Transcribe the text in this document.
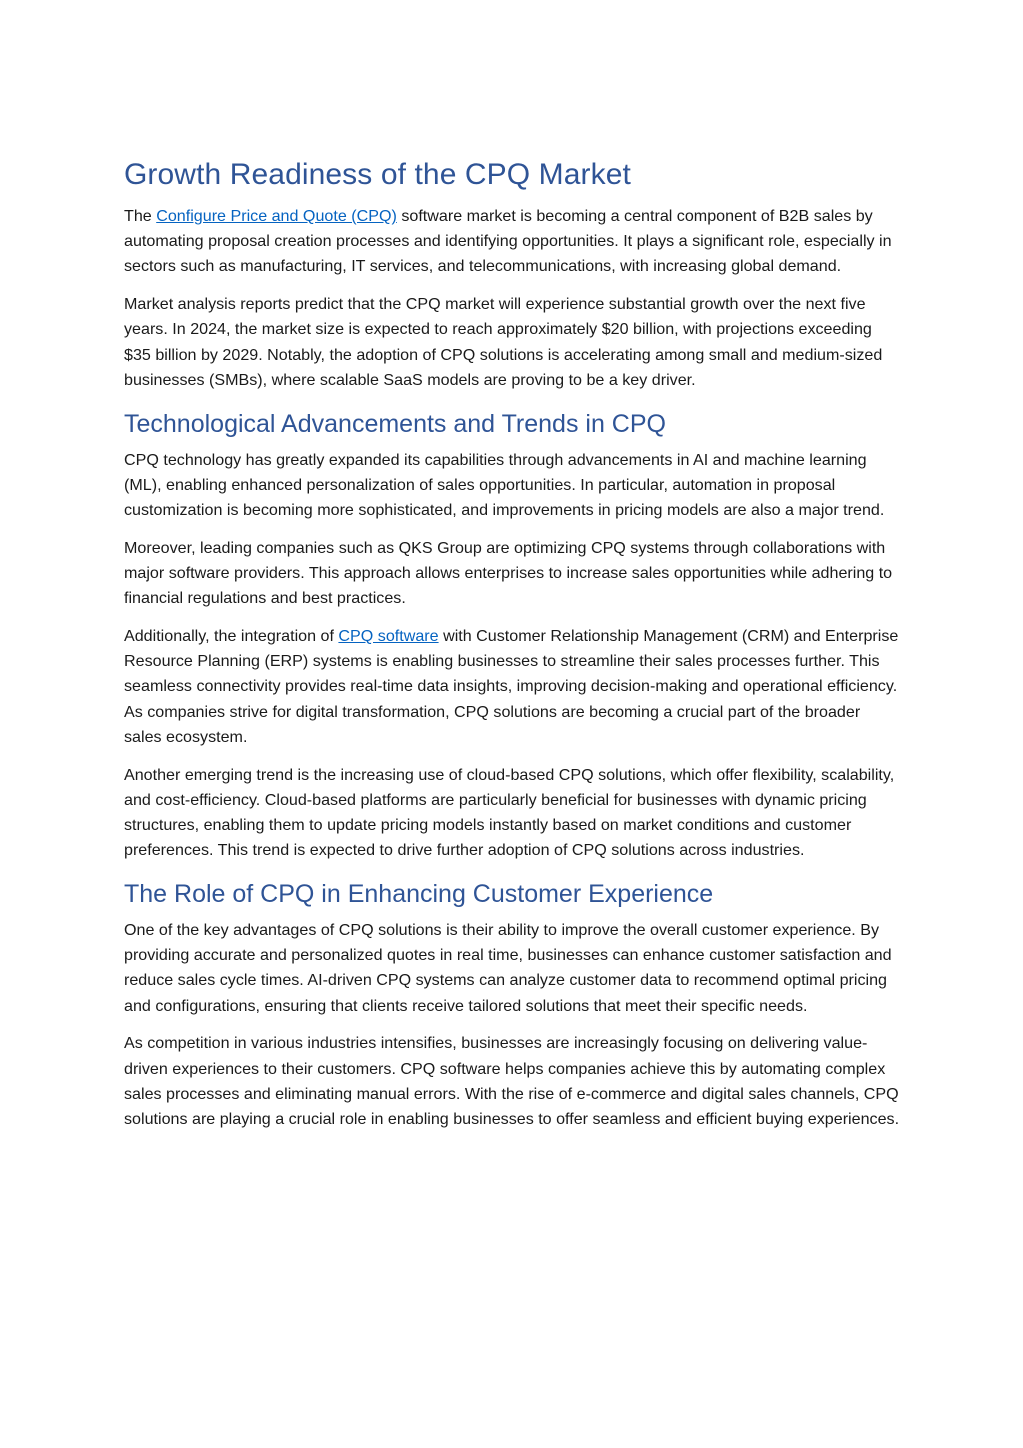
Growth Readiness of the CPQ Market

The Configure Price and Quote (CPQ) software market is becoming a central component of B2B sales by automating proposal creation processes and identifying opportunities. It plays a significant role, especially in sectors such as manufacturing, IT services, and telecommunications, with increasing global demand.

Market analysis reports predict that the CPQ market will experience substantial growth over the next five years. In 2024, the market size is expected to reach approximately $20 billion, with projections exceeding $35 billion by 2029. Notably, the adoption of CPQ solutions is accelerating among small and medium-sized businesses (SMBs), where scalable SaaS models are proving to be a key driver.

Technological Advancements and Trends in CPQ

CPQ technology has greatly expanded its capabilities through advancements in AI and machine learning (ML), enabling enhanced personalization of sales opportunities. In particular, automation in proposal customization is becoming more sophisticated, and improvements in pricing models are also a major trend.

Moreover, leading companies such as QKS Group are optimizing CPQ systems through collaborations with major software providers. This approach allows enterprises to increase sales opportunities while adhering to financial regulations and best practices.

Additionally, the integration of CPQ software with Customer Relationship Management (CRM) and Enterprise Resource Planning (ERP) systems is enabling businesses to streamline their sales processes further. This seamless connectivity provides real-time data insights, improving decision-making and operational efficiency. As companies strive for digital transformation, CPQ solutions are becoming a crucial part of the broader sales ecosystem.

Another emerging trend is the increasing use of cloud-based CPQ solutions, which offer flexibility, scalability, and cost-efficiency. Cloud-based platforms are particularly beneficial for businesses with dynamic pricing structures, enabling them to update pricing models instantly based on market conditions and customer preferences. This trend is expected to drive further adoption of CPQ solutions across industries.

The Role of CPQ in Enhancing Customer Experience

One of the key advantages of CPQ solutions is their ability to improve the overall customer experience. By providing accurate and personalized quotes in real time, businesses can enhance customer satisfaction and reduce sales cycle times. AI-driven CPQ systems can analyze customer data to recommend optimal pricing and configurations, ensuring that clients receive tailored solutions that meet their specific needs.

As competition in various industries intensifies, businesses are increasingly focusing on delivering value-driven experiences to their customers. CPQ software helps companies achieve this by automating complex sales processes and eliminating manual errors. With the rise of e-commerce and digital sales channels, CPQ solutions are playing a crucial role in enabling businesses to offer seamless and efficient buying experiences.
